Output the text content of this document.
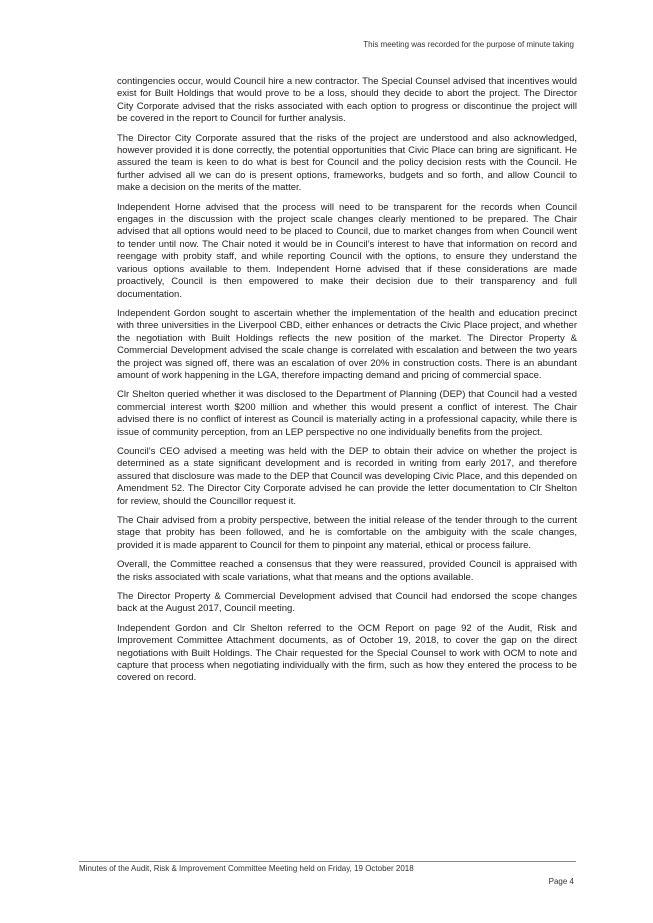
This meeting was recorded for the purpose of minute taking

contingencies occur, would Council hire a new contractor. The Special Counsel advised that incentives would exist for Built Holdings that would prove to be a loss, should they decide to abort the project. The Director City Corporate advised that the risks associated with each option to progress or discontinue the project will be covered in the report to Council for further analysis.

The Director City Corporate assured that the risks of the project are understood and also acknowledged, however provided it is done correctly, the potential opportunities that Civic Place can bring are significant. He assured the team is keen to do what is best for Council and the policy decision rests with the Council. He further advised all we can do is present options, frameworks, budgets and so forth, and allow Council to make a decision on the merits of the matter.

Independent Horne advised that the process will need to be transparent for the records when Council engages in the discussion with the project scale changes clearly mentioned to be prepared. The Chair advised that all options would need to be placed to Council, due to market changes from when Council went to tender until now. The Chair noted it would be in Council’s interest to have that information on record and reengage with probity staff, and while reporting Council with the options, to ensure they understand the various options available to them. Independent Horne advised that if these considerations are made proactively, Council is then empowered to make their decision due to their transparency and full documentation.

Independent Gordon sought to ascertain whether the implementation of the health and education precinct with three universities in the Liverpool CBD, either enhances or detracts the Civic Place project, and whether the negotiation with Built Holdings reflects the new position of the market. The Director Property & Commercial Development advised the scale change is correlated with escalation and between the two years the project was signed off, there was an escalation of over 20% in construction costs. There is an abundant amount of work happening in the LGA, therefore impacting demand and pricing of commercial space.

Clr Shelton queried whether it was disclosed to the Department of Planning (DEP) that Council had a vested commercial interest worth $200 million and whether this would present a conflict of interest. The Chair advised there is no conflict of interest as Council is materially acting in a professional capacity, while there is issue of community perception, from an LEP perspective no one individually benefits from the project.

Council’s CEO advised a meeting was held with the DEP to obtain their advice on whether the project is determined as a state significant development and is recorded in writing from early 2017, and therefore assured that disclosure was made to the DEP that Council was developing Civic Place, and this depended on Amendment 52. The Director City Corporate advised he can provide the letter documentation to Clr Shelton for review, should the Councillor request it.

The Chair advised from a probity perspective, between the initial release of the tender through to the current stage that probity has been followed, and he is comfortable on the ambiguity with the scale changes, provided it is made apparent to Council for them to pinpoint any material, ethical or process failure.

Overall, the Committee reached a consensus that they were reassured, provided Council is appraised with the risks associated with scale variations, what that means and the options available.

The Director Property & Commercial Development advised that Council had endorsed the scope changes back at the August 2017, Council meeting.

Independent Gordon and Clr Shelton referred to the OCM Report on page 92 of the Audit, Risk and Improvement Committee Attachment documents, as of October 19, 2018, to cover the gap on the direct negotiations with Built Holdings. The Chair requested for the Special Counsel to work with OCM to note and capture that process when negotiating individually with the firm, such as how they entered the process to be covered on record.

Minutes of the Audit, Risk & Improvement Committee Meeting held on Friday, 19 October 2018
Page 4
